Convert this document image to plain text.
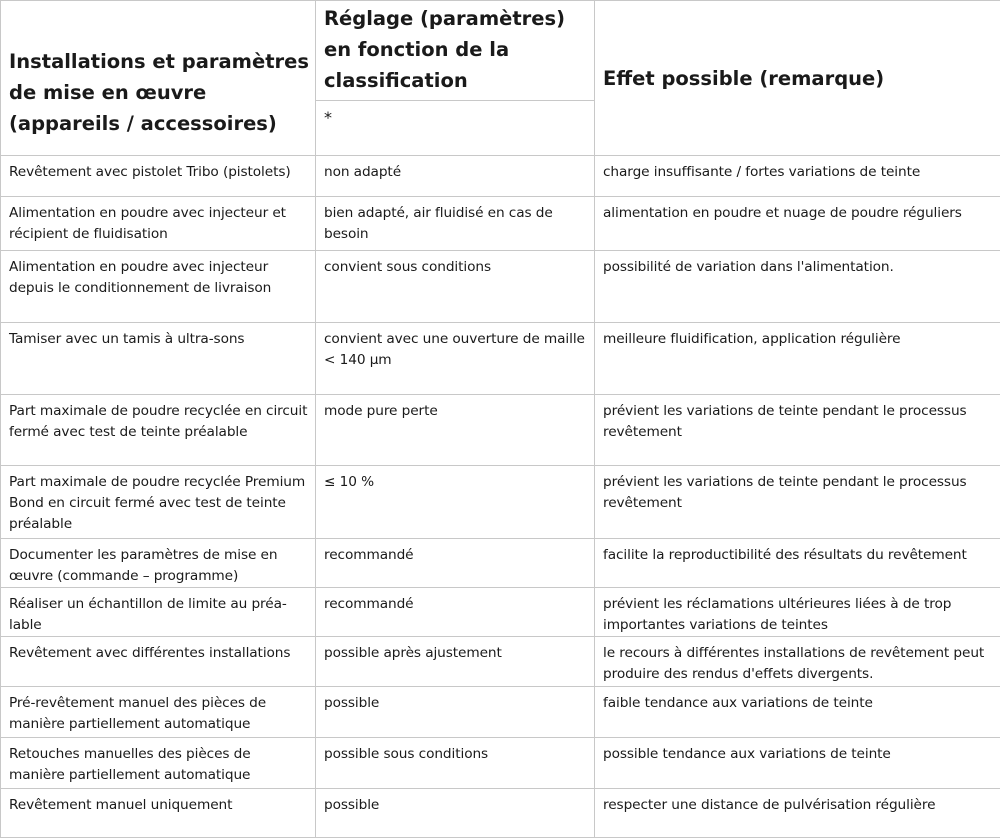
Installations et paramètres de mise en œuvre (appareils / accessoires)	Réglage (paramètres) en fonction de la classification	Effet possible (remarque)
	*	
Revêtement avec pistolet Tribo (pistolets)	non adapté	charge insuffisante / fortes variations de teinte
Alimentation en poudre avec injecteur et récipient de fluidisation	bien adapté, air fluidisé en cas de besoin	alimentation en poudre et nuage de poudre réguliers
Alimentation en poudre avec injecteur depuis le conditionnement de livraison	convient sous conditions	possibilité de variation dans l'alimentation.
Tamiser avec un tamis à ultra-sons	convient avec une ouverture de maille < 140 µm	meilleure fluidification, application régulière
Part maximale de poudre recyclée en circuit fermé avec test de teinte préalable	mode pure perte	prévient les variations de teinte pendant le processus revêtement
Part maximale de poudre recyclée Premium Bond en circuit fermé avec test de teinte préalable	≤ 10 %	prévient les variations de teinte pendant le processus revêtement
Documenter les paramètres de mise en œuvre (commande – programme)	recommandé	facilite la reproductibilité des résultats du revêtement
Réaliser un échantillon de limite au préa-lable	recommandé	prévient les réclamations ultérieures liées à de trop importantes variations de teintes
Revêtement avec différentes installations	possible après ajustement	le recours à différentes installations de revêtement peut produire des rendus d'effets divergents.
Pré-revêtement manuel des pièces de manière partiellement automatique	possible	faible tendance aux variations de teinte
Retouches manuelles des pièces de manière partiellement automatique	possible sous conditions	possible tendance aux variations de teinte
Revêtement manuel uniquement	possible	respecter une distance de pulvérisation régulière
